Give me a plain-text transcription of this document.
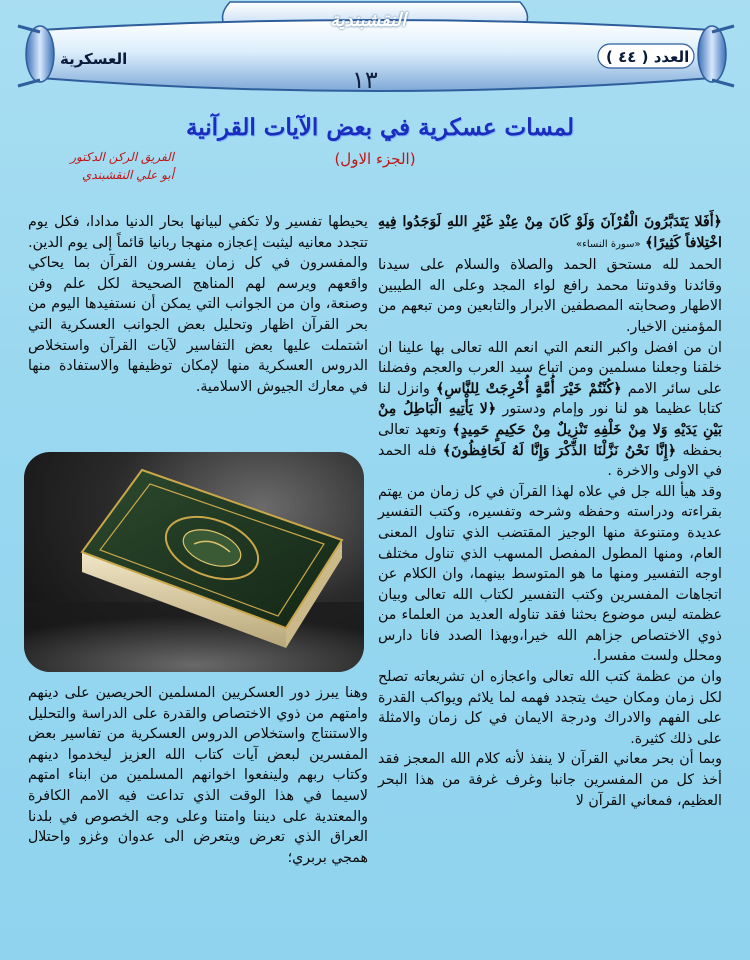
النقشبندية
العدد ( ٤٤ )
العسكرية
١٣
لمسات عسكرية في بعض الآيات القرآنية
(الجزء الاول)
الفريق الركن الدكتور
أبو علي النقشبندي

﴿أَفَلا يَتَدَبَّرُونَ الْقُرْآنَ وَلَوْ كَانَ مِنْ عِنْدِ غَيْرِ اللهِ لَوَجَدُوا فِيهِ اخْتِلافاً كَثِيرًا﴾ «سورة النساء»

الحمد لله مستحق الحمد والصلاة والسلام على سيدنا وقائدنا وقدوتنا محمد رافع لواء المجد وعلى اله الطيبين الاطهار وصحابته المصطفين الابرار والتابعين ومن تبعهم من المؤمنين الاخيار.

ان من افضل واكبر النعم التي انعم الله تعالى بها علينا ان خلقنا وجعلنا مسلمين ومن اتباع سيد العرب والعجم وفضلنا على سائر الامم ﴿كُنْتُمْ خَيْرَ أُمَّةٍ أُخْرِجَتْ لِلنَّاسِ﴾ وانزل لنا كتابا عظيما هو لنا نور وإمام ودستور ﴿لا يَأْتِيهِ الْبَاطِلُ مِنْ بَيْنِ يَدَيْهِ وَلا مِنْ خَلْفِهِ تَنْزِيلٌ مِنْ حَكِيمٍ حَمِيدٍ﴾ وتعهد تعالى بحفظه ﴿إِنَّا نَحْنُ نَزَّلْنَا الذِّكْرَ وَإِنَّا لَهُ لَحَافِظُونَ﴾ فله الحمد في الاولى والاخرة .

وقد هيأ الله جل في علاه لهذا القرآن في كل زمان من يهتم بقراءته ودراسته وحفظه وشرحه وتفسيره، وكتب التفسير عديدة ومتنوعة منها الوجيز المقتضب الذي تناول المعنى العام، ومنها المطول المفصل المسهب الذي تناول مختلف اوجه التفسير ومنها ما هو المتوسط بينهما، وان الكلام عن اتجاهات المفسرين وكتب التفسير لكتاب الله تعالى وبيان عظمته ليس موضوع بحثنا فقد تناوله العديد من العلماء من ذوي الاختصاص جزاهم الله خيرا،وبهذا الصدد فانا دارس ومحلل ولست مفسرا.

وان من عظمة كتب الله تعالى واعجازه ان تشريعاته تصلح لكل زمان ومكان حيث يتجدد فهمه لما يلائم ويواكب القدرة على الفهم والادراك ودرجة الايمان في كل زمان والامثلة على ذلك كثيرة.

وبما أن بحر معاني القرآن لا ينفذ لأنه كلام الله المعجز فقد أخذ كل من المفسرين جانبا وغرف غرفة من هذا البحر العظيم، فمعاني القرآن لا

يحيطها تفسير ولا تكفي لبيانها بحار الدنيا مدادا، فكل يوم تتجدد معانيه ليثبت إعجازه منهجا ربانيا قائماً إلى يوم الدين.

والمفسرون في كل زمان يفسرون القرآن بما يحاكي واقعهم ويرسم لهم المناهج الصحيحة لكل علم وفن وصنعة، وان من الجوانب التي يمكن أن نستفيدها اليوم من بحر القرآن اظهار وتحليل بعض الجوانب العسكرية التي اشتملت عليها بعض التفاسير لآيات القرآن واستخلاص الدروس العسكرية منها لإمكان توظيفها والاستفادة منها في معارك الجيوش الاسلامية.

وهنا يبرز دور العسكريين المسلمين الحريصين على دينهم وامتهم من ذوي الاختصاص والقدرة على الدراسة والتحليل والاستنتاج واستخلاص الدروس العسكرية من تفاسير بعض المفسرين لبعض آيات كتاب الله العزيز ليخدموا دينهم وكتاب ربهم ولينفعوا اخوانهم المسلمين من ابناء امتهم لاسيما في هذا الوقت الذي تداعت فيه الامم الكافرة والمعتدية على ديننا وامتنا وعلى وجه الخصوص في بلدنا العراق الذي تعرض ويتعرض الى عدوان وغزو واحتلال همجي بربري؛
